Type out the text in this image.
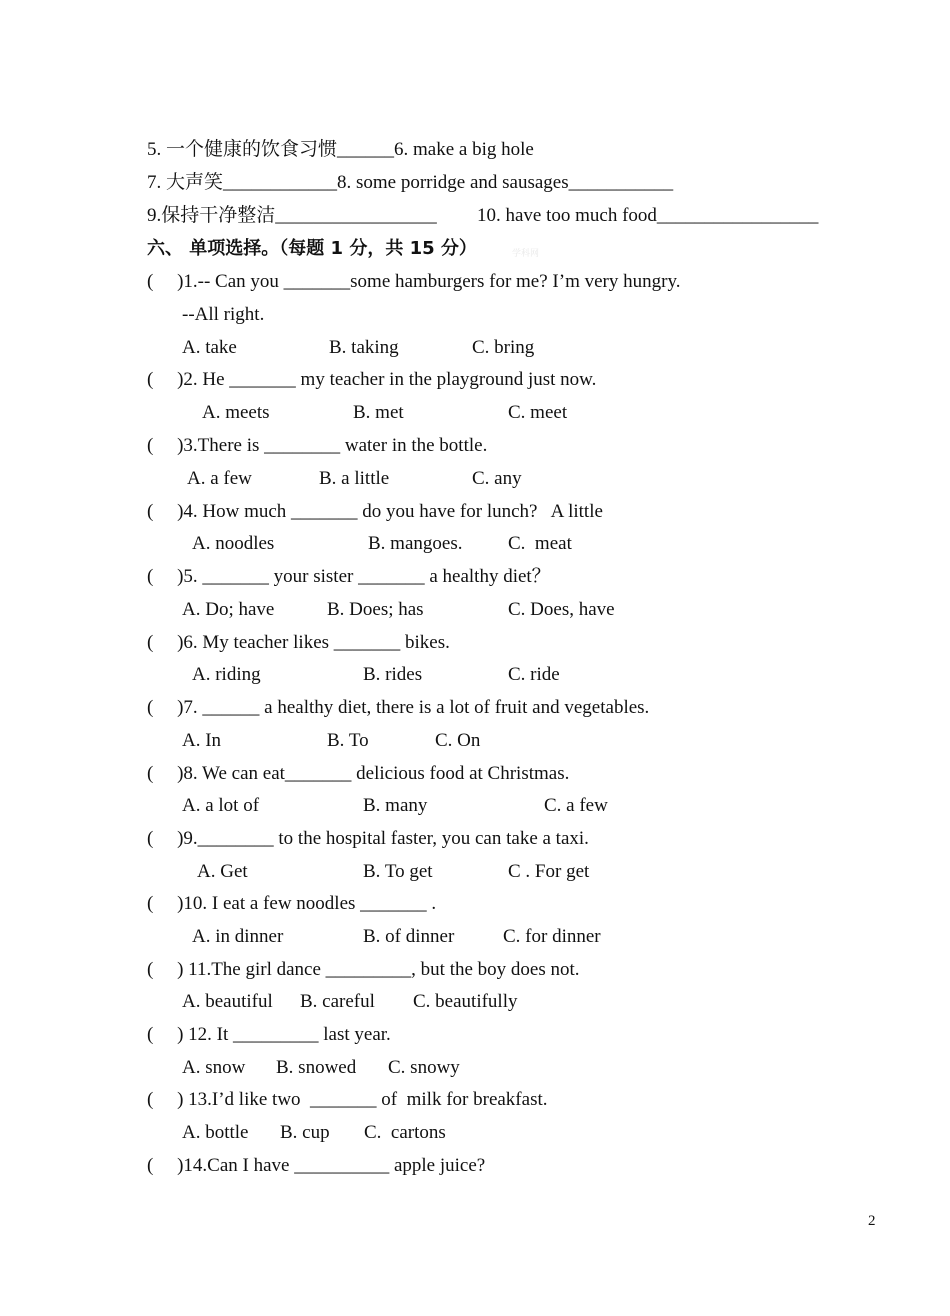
5. 一个健康的饮食习惯______6. make a big hole
7. 大声笑____________8. some porridge and sausages___________
9.保持干净整洁_________________ 10. have too much food_________________
六、 单项选择。（每题 1 分，共 15 分）	学科网
(     )1.-- Can you _______some hamburgers for me? I’m very hungry.
--All right.
A. take	B. taking	C. bring
(     )2. He _______ my teacher in the playground just now.
A. meets	B. met	C. meet
(     )3.There is ________ water in the bottle.
A. a few	B. a little	C. any
(     )4. How much _______ do you have for lunch?   A little
A. noodles	B. mangoes. C.  meat
(     )5. _______ your sister _______ a healthy diet？
A. Do; have	B. Does; has	C. Does, have
(     )6. My teacher likes _______ bikes.
A. riding	B. rides	C. ride
(     )7. ______ a healthy diet, there is a lot of fruit and vegetables.
A. In	B. To	C. On
(     )8. We can eat_______ delicious food at Christmas.
A. a lot of	B. many	C. a few
(     )9.________ to the hospital faster, you can take a taxi.
A. Get	B. To get	C . For get
(     )10. I eat a few noodles _______ .
A. in dinner	B. of dinner	C. for dinner
(     ) 11.The girl dance _________, but the boy does not.
A. beautiful B. careful C. beautifully
(     ) 12. It _________ last year.
A. snow B. snowed C. snowy
(     ) 13.I’d like two  _______ of  milk for breakfast.
A. bottle B. cup C.  cartons
(     )14.Can I have __________ apple juice?
2
